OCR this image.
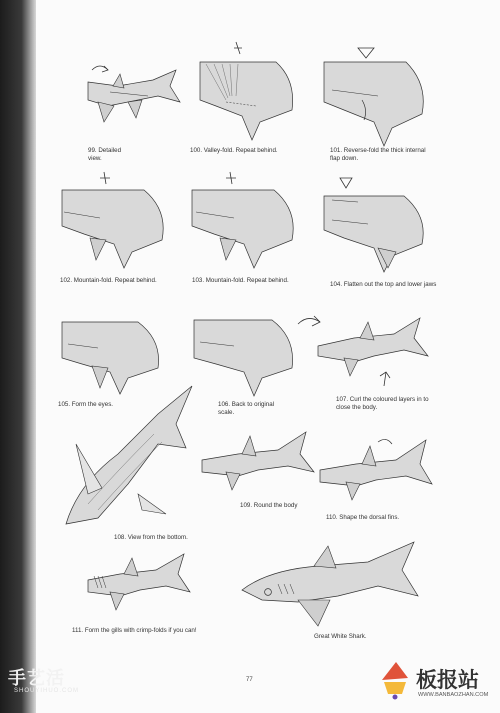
99. Detailed
view.
100. Valley-fold. Repeat behind.	101. Reverse-fold the thick internal
flap down.
102. Mountain-fold. Repeat behind.	103. Mountain-fold. Repeat behind.
104. Flatten out the top and lower jaws
105. Form the eyes.	106. Back to original
scale.
107. Curl the coloured layers in to
close the body.
108. View from the bottom.
109. Round the body
110. Shape the dorsal fins.
111. Form the gills with crimp-folds if you can!
Great White Shark.
77
手艺活
SHOUYIHUO.COM	板报站
WWW.BANBAOZHAN.COM
